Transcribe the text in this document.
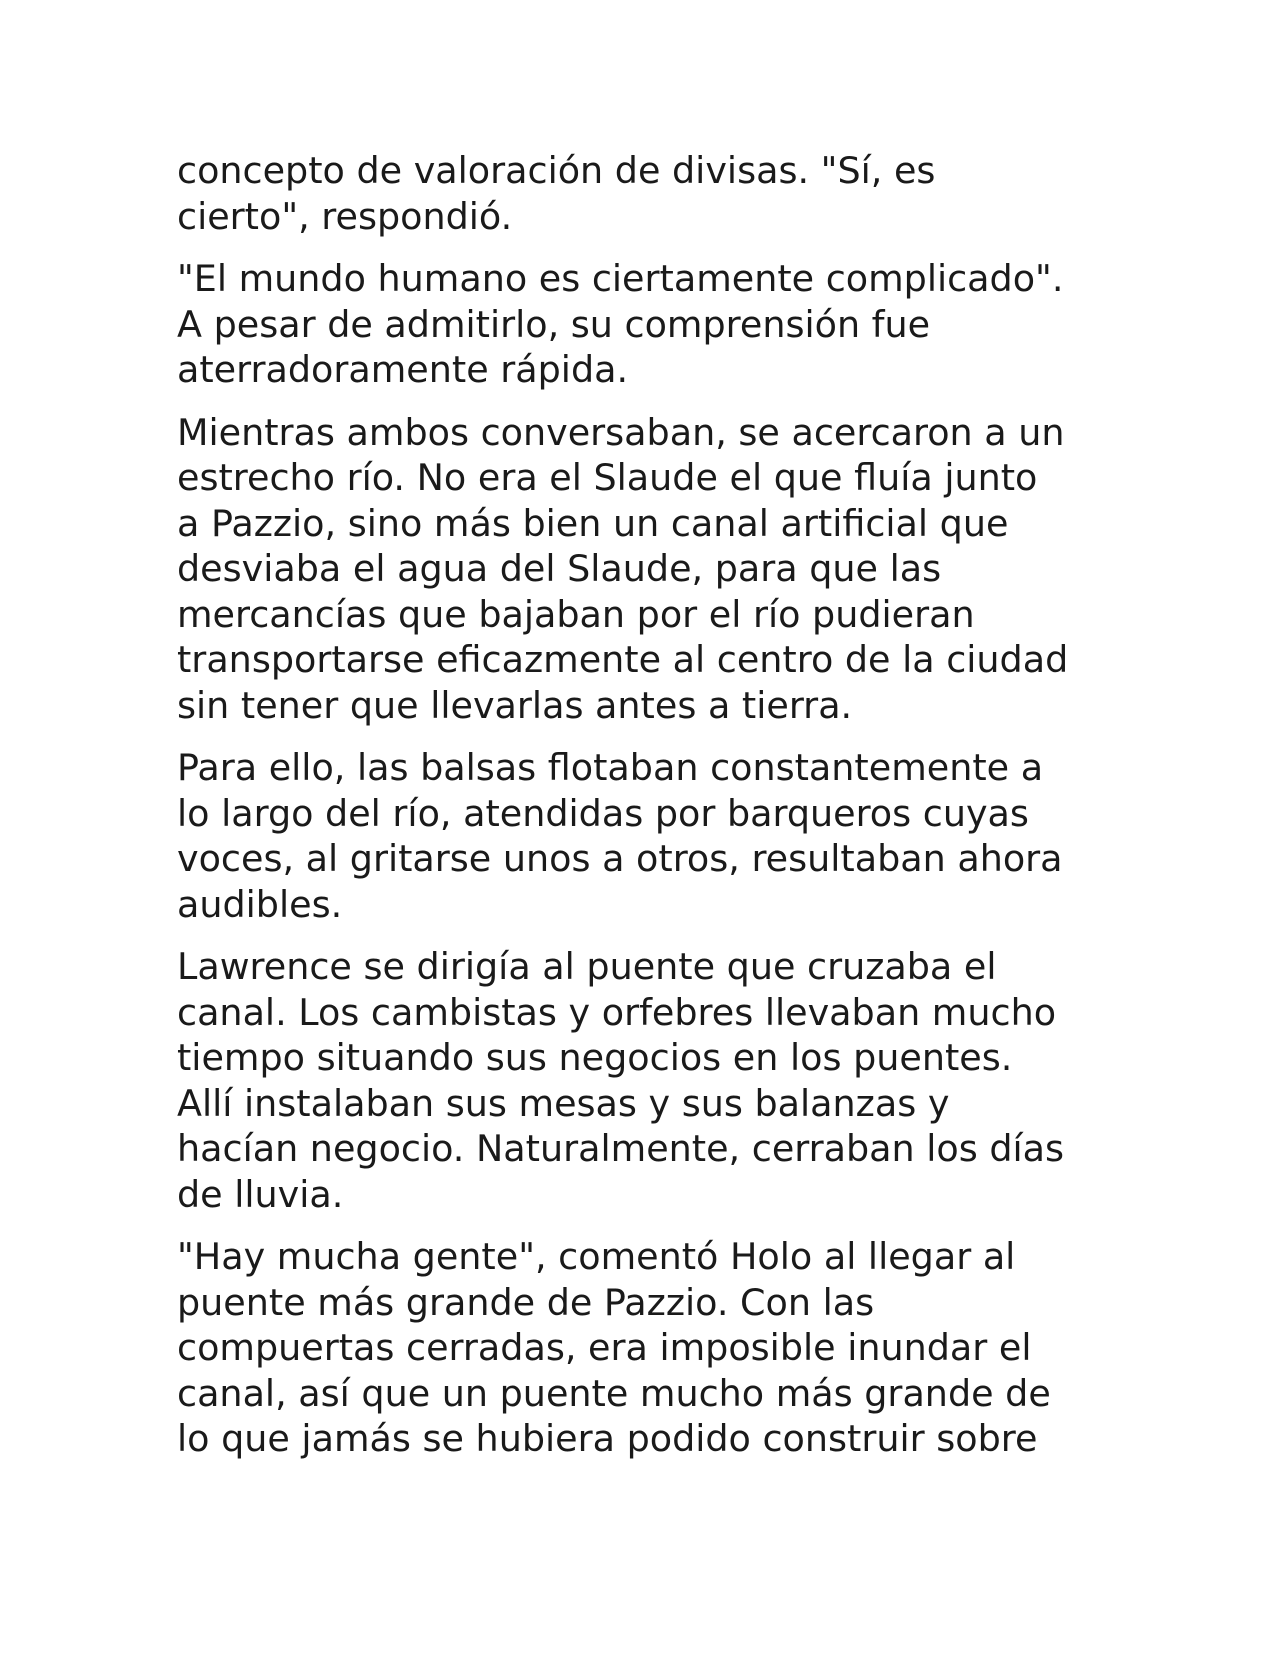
concepto de valoración de divisas. "Sí, es
cierto", respondió.

"El mundo humano es ciertamente complicado".
A pesar de admitirlo, su comprensión fue
aterradoramente rápida.

Mientras ambos conversaban, se acercaron a un
estrecho río. No era el Slaude el que fluía junto
a Pazzio, sino más bien un canal artificial que
desviaba el agua del Slaude, para que las
mercancías que bajaban por el río pudieran
transportarse eficazmente al centro de la ciudad
sin tener que llevarlas antes a tierra.

Para ello, las balsas flotaban constantemente a
lo largo del río, atendidas por barqueros cuyas
voces, al gritarse unos a otros, resultaban ahora
audibles.

Lawrence se dirigía al puente que cruzaba el
canal. Los cambistas y orfebres llevaban mucho
tiempo situando sus negocios en los puentes.
Allí instalaban sus mesas y sus balanzas y
hacían negocio. Naturalmente, cerraban los días
de lluvia.

"Hay mucha gente", comentó Holo al llegar al
puente más grande de Pazzio. Con las
compuertas cerradas, era imposible inundar el
canal, así que un puente mucho más grande de
lo que jamás se hubiera podido construir sobre
